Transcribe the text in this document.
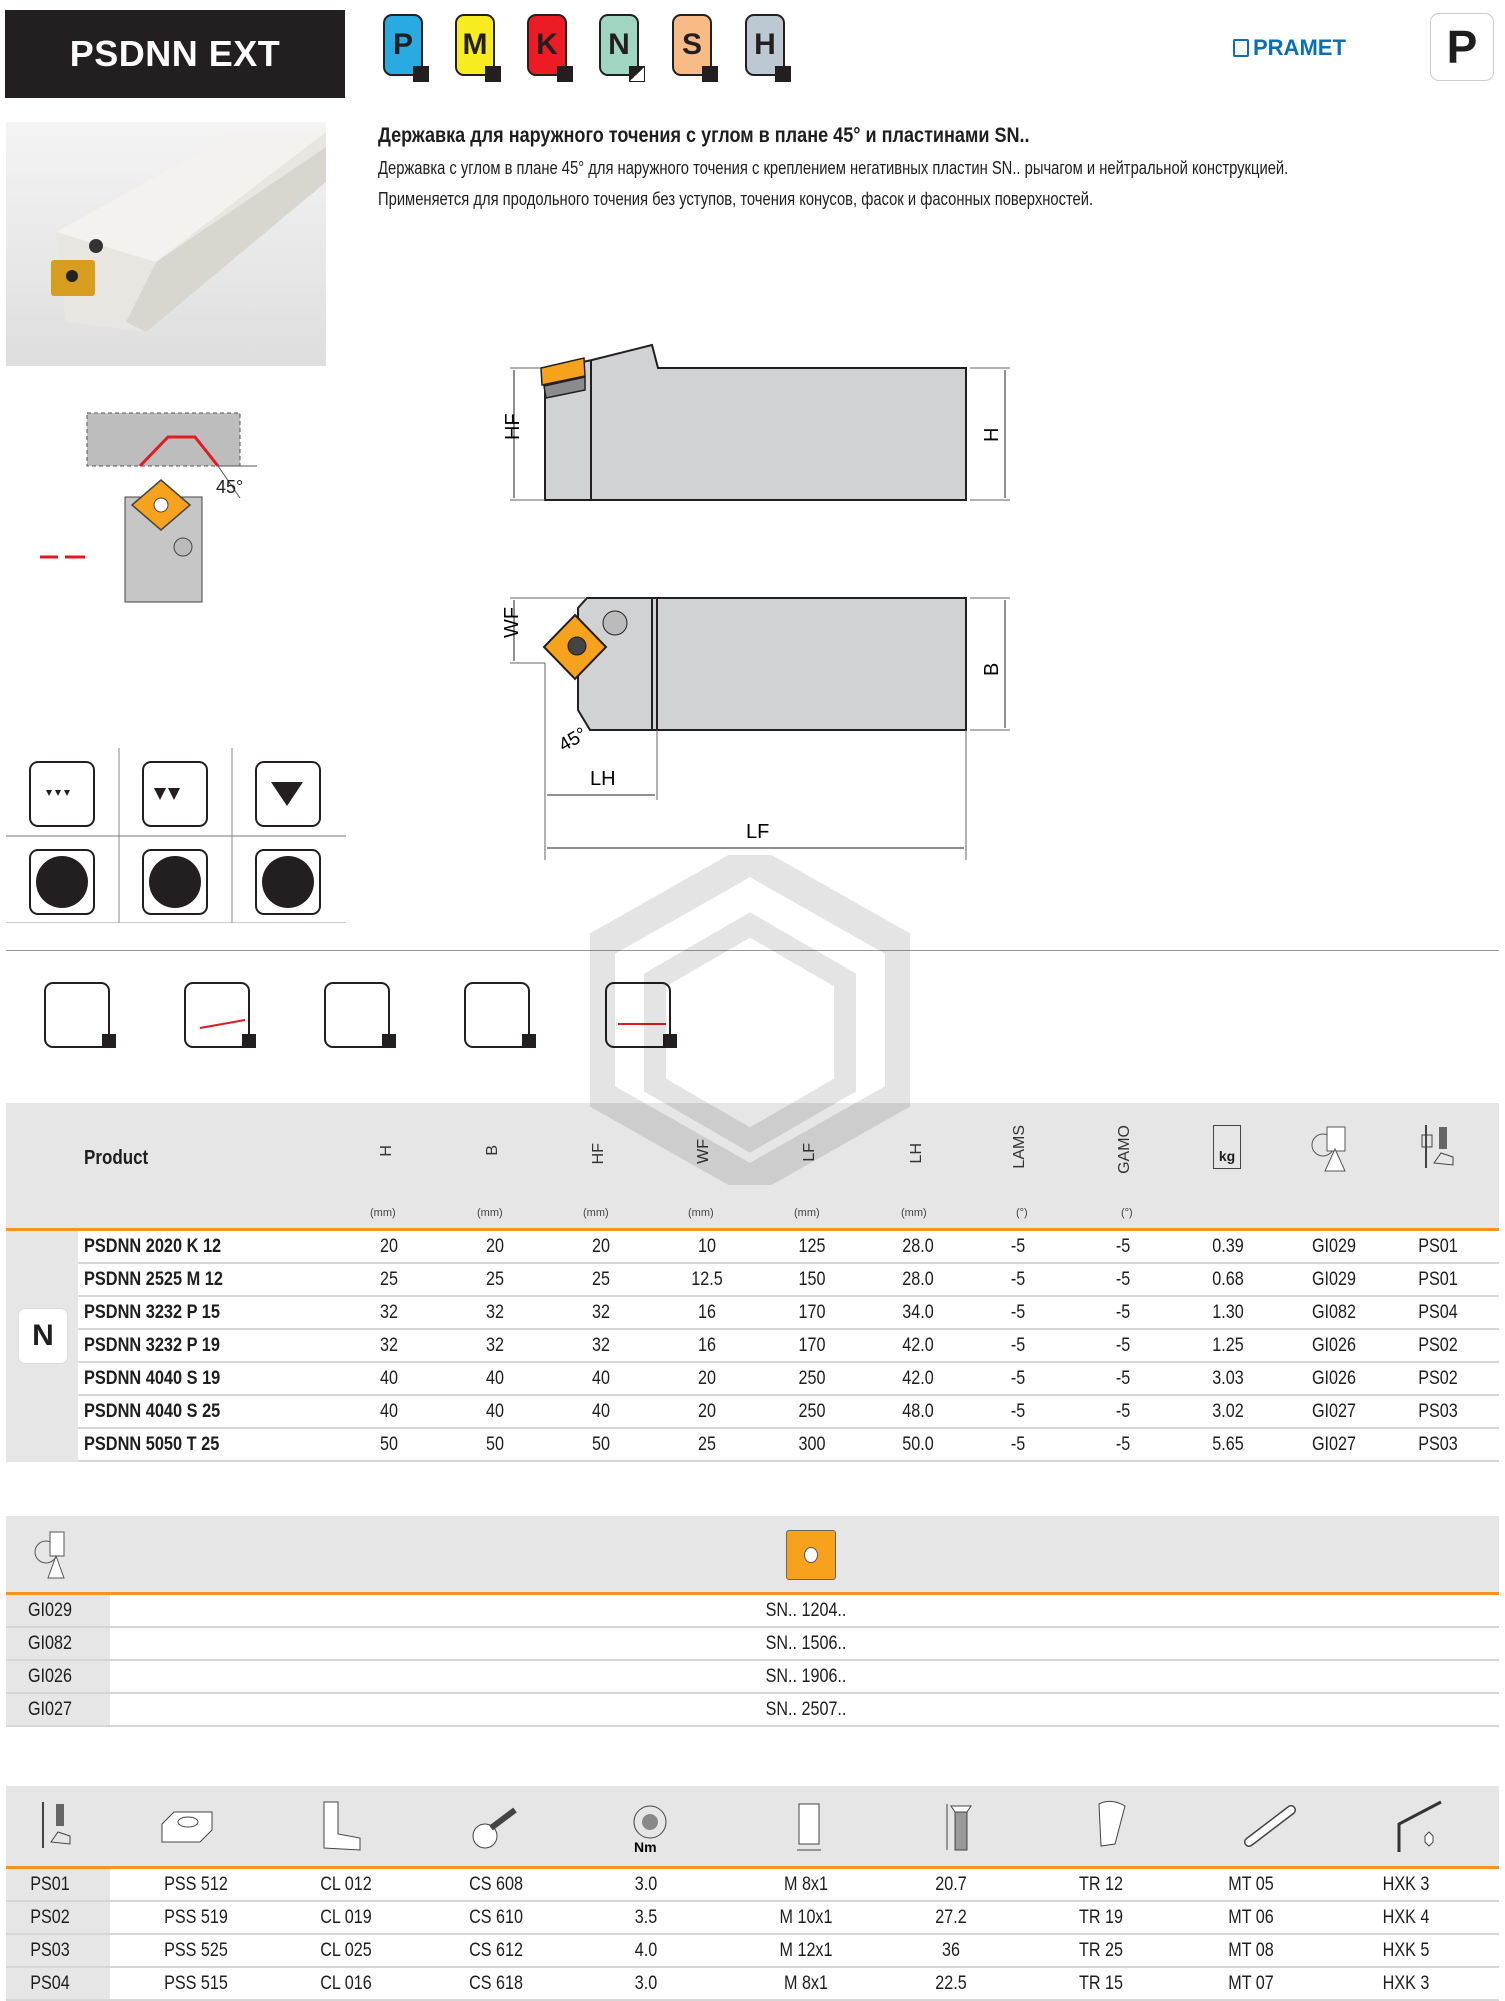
PSDNN EXT	P M K N S H	PRAMET	P
Державка для наружного точения с углом в плане 45° и пластинами SN..
Державка с углом в плане 45° для наружного точения с креплением негативных пластин SN.. рычагом и нейтральной конструкцией.
Применяется для продольного точения без уступов, точения конусов, фасок и фасонных поверхностей.
45°
HF	H
WF
B
45°
LH
LF
Product	H	B	HF	WF	LF	LH	LAMS	GAMO	kg
(mm)	(mm)	(mm)	(mm)	(mm)	(mm)	(°)	(°)
N
PSDNN 2020 K 12	20	20	20	10	125	28.0	-5	-5	0.39	GI029	PS01
PSDNN 2525 M 12	25	25	25	12.5	150	28.0	-5	-5	0.68	GI029	PS01
PSDNN 3232 P 15	32	32	32	16	170	34.0	-5	-5	1.30	GI082	PS04
PSDNN 3232 P 19	32	32	32	16	170	42.0	-5	-5	1.25	GI026	PS02
PSDNN 4040 S 19	40	40	40	20	250	42.0	-5	-5	3.03	GI026	PS02
PSDNN 4040 S 25	40	40	40	20	250	48.0	-5	-5	3.02	GI027	PS03
PSDNN 5050 T 25	50	50	50	25	300	50.0	-5	-5	5.65	GI027	PS03
GI029	SN.. 1204..
GI082	SN.. 1506..
GI026	SN.. 1906..
GI027	SN.. 2507..
Nm
PS01	PSS 512	CL 012	CS 608	3.0	M 8x1	20.7	TR 12	MT 05	HXK 3
PS02	PSS 519	CL 019	CS 610	3.5	M 10x1	27.2	TR 19	MT 06	HXK 4
PS03	PSS 525	CL 025	CS 612	4.0	M 12x1	36	TR 25	MT 08	HXK 5
PS04	PSS 515	CL 016	CS 618	3.0	M 8x1	22.5	TR 15	MT 07	HXK 3
